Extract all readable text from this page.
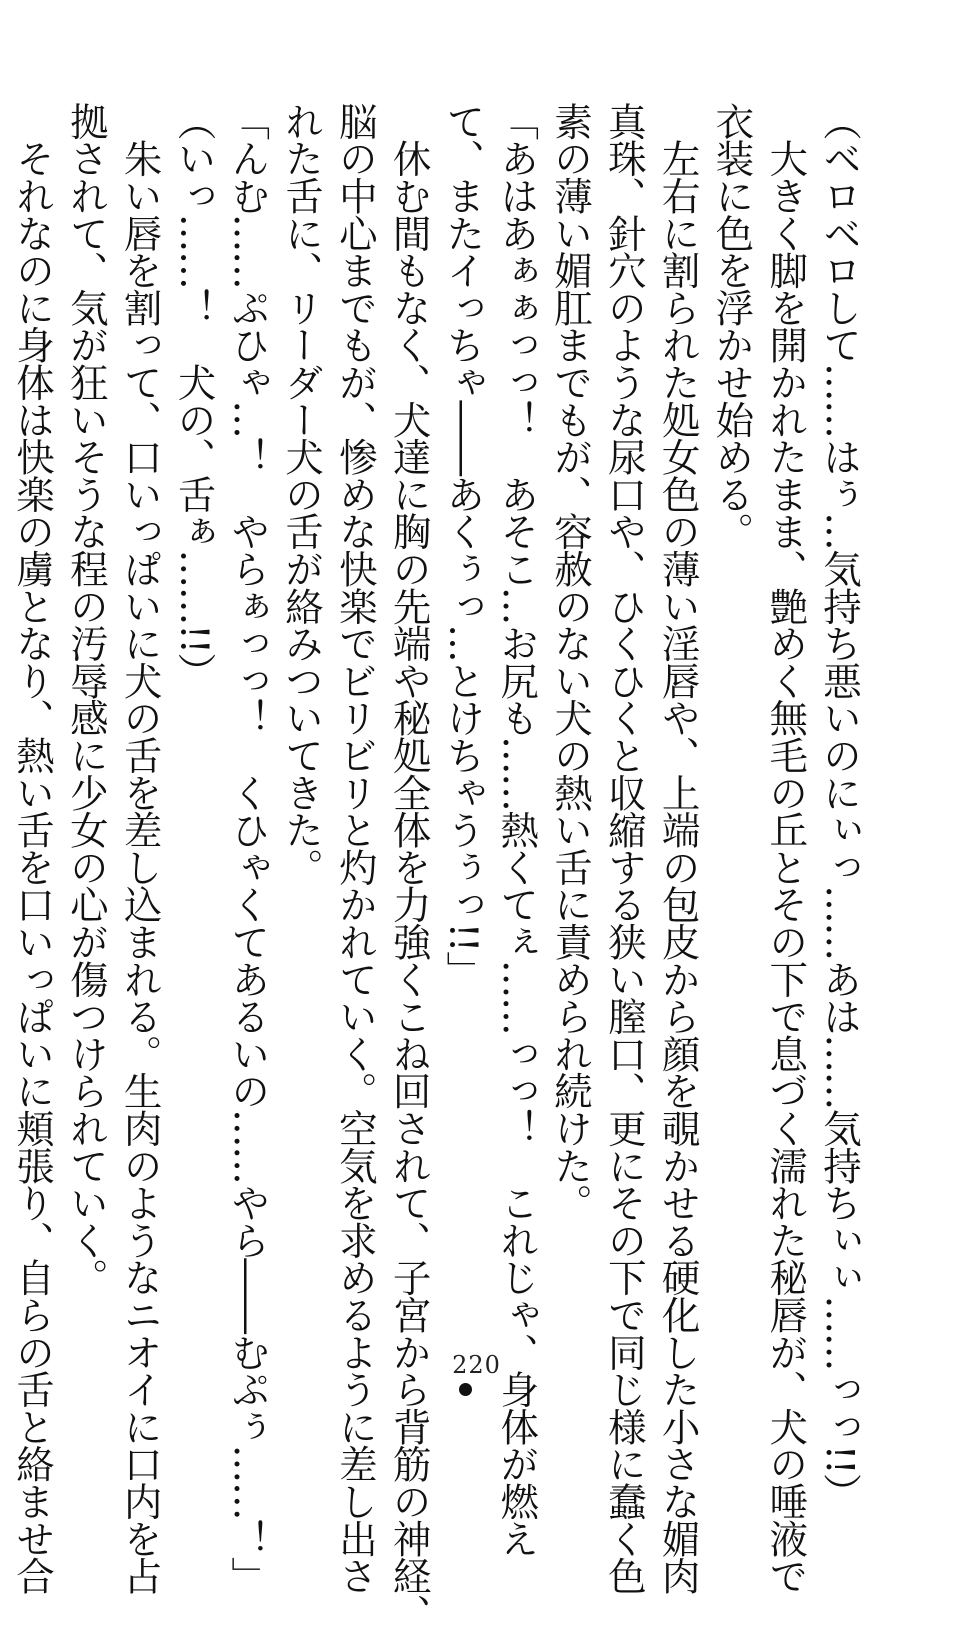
（ベロベロして……はぅ…気持ち悪いのにぃっ……あは……気持ちぃぃ……っっ!!）
　大きく脚を開かれたまま、艶めく無毛の丘とその下で息づく濡れた秘唇が、犬の唾液で
衣装に色を浮かせ始める。
　左右に割られた処女色の薄い淫唇や、上端の包皮から顔を覗かせる硬化した小さな媚肉
真珠、針穴のような尿口や、ひくひくと収縮する狭い膣口、更にその下で同じ様に蠢く色
素の薄い媚肛までもが、容赦のない犬の熱い舌に責められ続けた。
「あはあぁぁっっ！　あそこ…お尻も……熱くてぇ……っっ！　これじゃ、身体が燃え
て、またイっちゃ――あくぅっ…とけちゃうぅっ!!」
　休む間もなく、犬達に胸の先端や秘処全体を力強くこね回されて、子宮から背筋の神経、
脳の中心までもが、惨めな快楽でビリビリと灼かれていく。空気を求めるように差し出さ
れた舌に、リーダー犬の舌が絡みついてきた。
「んむ……ぷひゃ…！　やらぁっっ！　くひゃくてあるいの……やら――むぷぅ……！」
（いっ……！　犬の、舌ぁ……!!）
　朱い唇を割って、口いっぱいに犬の舌を差し込まれる。生肉のようなニオイに口内を占
拠されて、気が狂いそうな程の汚辱感に少女の心が傷つけられていく。
　それなのに身体は快楽の虜となり、熱い舌を口いっぱいに頬張り、自らの舌と絡ませ合	220
